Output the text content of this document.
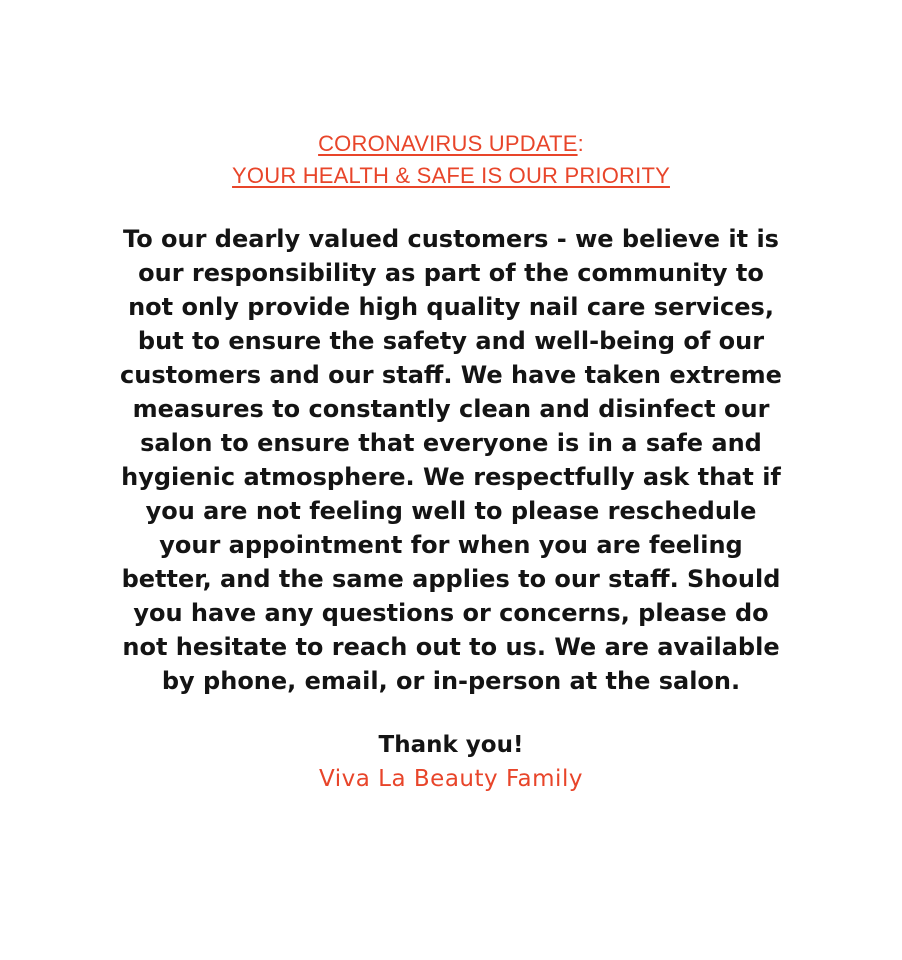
CORONAVIRUS UPDATE:
YOUR HEALTH & SAFE IS OUR PRIORITY
To our dearly valued customers - we believe it is
our responsibility as part of the community to
not only provide high quality nail care services,
but to ensure the safety and well-being of our
customers and our staff. We have taken extreme
measures to constantly clean and disinfect our
salon to ensure that everyone is in a safe and
hygienic atmosphere. We respectfully ask that if
you are not feeling well to please reschedule
your appointment for when you are feeling
better, and the same applies to our staff. Should
you have any questions or concerns, please do
not hesitate to reach out to us. We are available
by phone, email, or in-person at the salon.
Thank you!
Viva La Beauty Family
